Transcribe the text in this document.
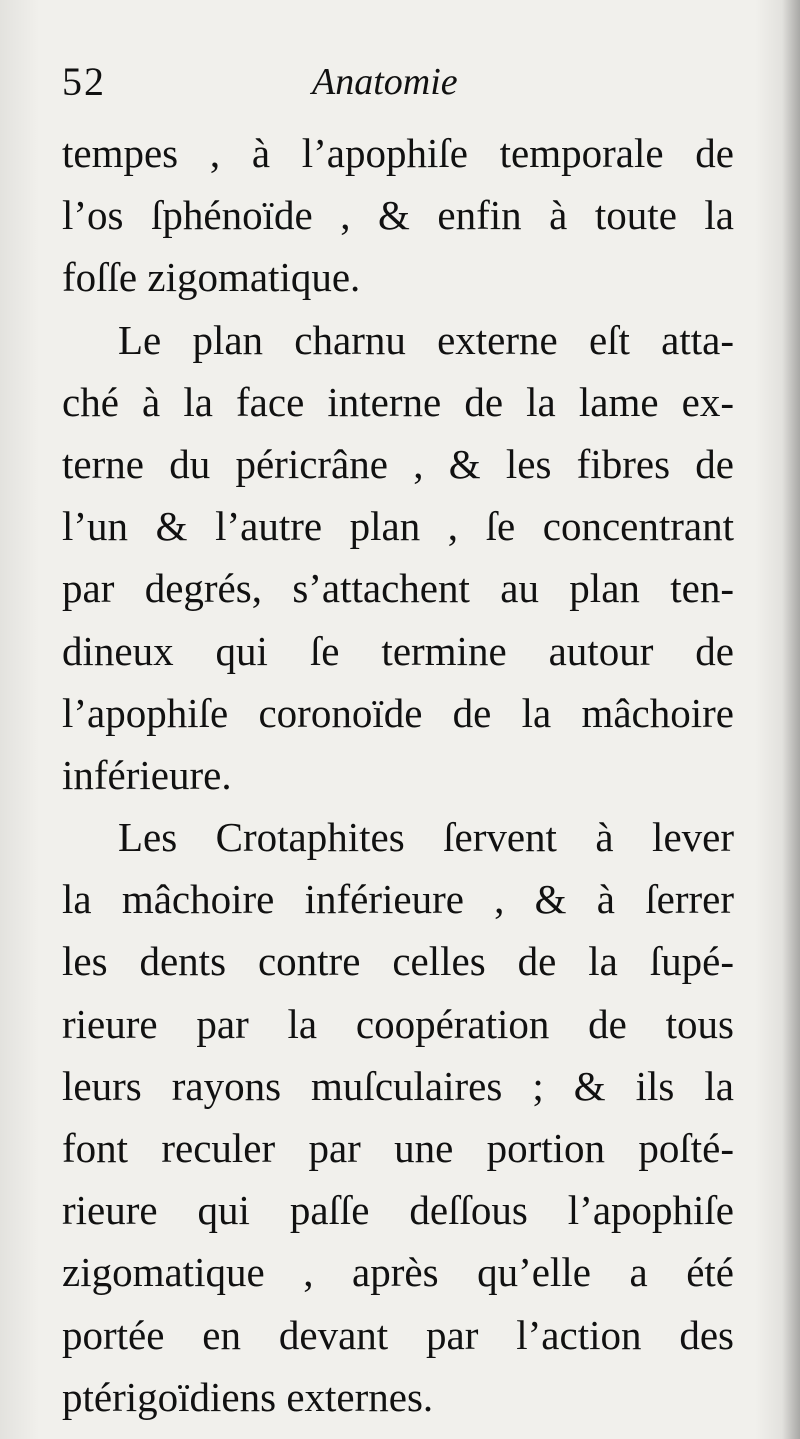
52	Anatomie
tempes , à l’apophiſe temporale de
l’os ſphénoïde , & enfin à toute la
foſſe zigomatique.
Le plan charnu externe eſt atta-
ché à la face interne de la lame ex-
terne du péricrâne , & les fibres de
l’un & l’autre plan , ſe concentrant
par degrés, s’attachent au plan ten-
dineux qui ſe termine autour de
l’apophiſe coronoïde de la mâchoire
inférieure.
Les Crotaphites ſervent à lever
la mâchoire inférieure , & à ſerrer
les dents contre celles de la ſupé-
rieure par la coopération de tous
leurs rayons muſculaires ; & ils la
font reculer par une portion poſté-
rieure qui paſſe deſſous l’apophiſe
zigomatique , après qu’elle a été
portée en devant par l’action des
ptérigoïdiens externes.
